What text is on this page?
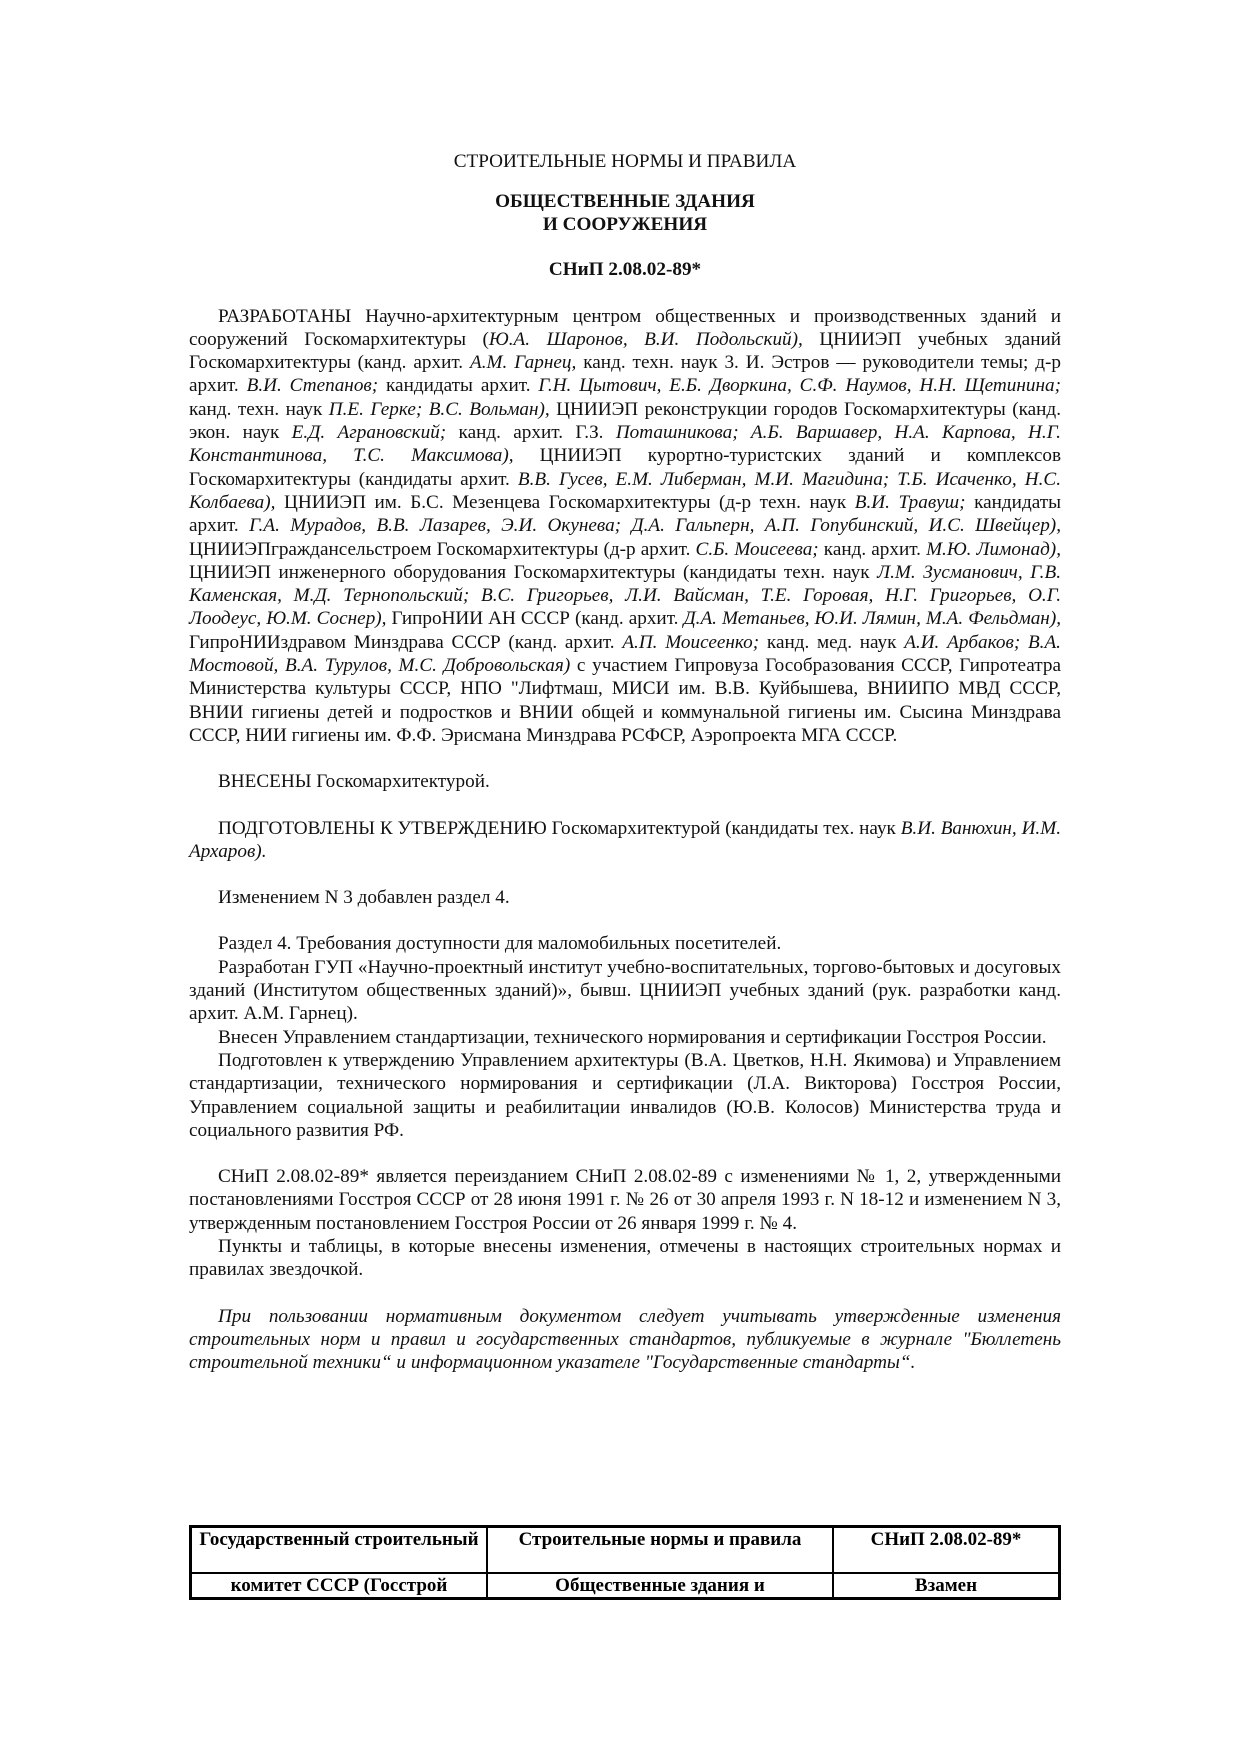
СТРОИТЕЛЬНЫЕ НОРМЫ И ПРАВИЛА
ОБЩЕСТВЕННЫЕ ЗДАНИЯ
И СООРУЖЕНИЯ
СНиП 2.08.02-89*

РАЗРАБОТАНЫ Научно-архитектурным центром общественных и производственных зданий и сооружений Госкомархитектуры (Ю.А. Шаронов, В.И. Подольский), ЦНИИЭП учебных зданий Госкомархитектуры (канд. архит. А.М. Гарнец, канд. техн. наук 3. И. Эстров — руководители темы; д-р архит. В.И. Степанов; кандидаты архит. Г.Н. Цытович, Е.Б. Дворкина, С.Ф. Наумов, Н.Н. Щетинина; канд. техн. наук П.Е. Герке; В.С. Вольман), ЦНИИЭП реконструкции городов Госкомархитектуры (канд. экон. наук Е.Д. Аграновский; канд. архит. Г.З. Поташникова; А.Б. Варшавер, Н.А. Карпова, Н.Г. Константинова, Т.С. Максимова), ЦНИИЭП курортно-туристских зданий и комплексов Госкомархитектуры (кандидаты архит. В.В. Гусев, Е.М. Либерман, М.И. Магидина; Т.Б. Исаченко, Н.С. Колбаева), ЦНИИЭП им. Б.С. Мезенцева Госкомархитектуры (д-р техн. наук В.И. Травуш; кандидаты архит. Г.А. Мурадов, В.В. Лазарев, Э.И. Окунева; Д.А. Гальперн, А.П. Гопубинский, И.С. Швейцер), ЦНИИЭПграждансельстроем Госкомархитектуры (д-р архит. С.Б. Моисеева; канд. архит. М.Ю. Лимонад), ЦНИИЭП инженерного оборудования Госкомархитектуры (кандидаты техн. наук Л.М. Зусманович, Г.В. Каменская, М.Д. Тернопольский; В.С. Григорьев, Л.И. Вайсман, Т.Е. Горовая, Н.Г. Григорьев, О.Г. Лоодеус, Ю.М. Соснер), ГипроНИИ АН СССР (канд. архит. Д.А. Метаньев, Ю.И. Лямин, М.А. Фельдман), ГипроНИИздравом Минздрава СССР (канд. архит. А.П. Моисеенко; канд. мед. наук А.И. Арбаков; В.А. Мостовой, В.А. Турулов, М.С. Добровольская) с участием Гипровуза Гособразования СССР, Гипротеатра Министерства культуры СССР, НПО "Лифтмаш, МИСИ им. В.В. Куйбышева, ВНИИПО МВД СССР, ВНИИ гигиены детей и подростков и ВНИИ общей и коммунальной гигиены им. Сысина Минздрава СССР, НИИ гигиены им. Ф.Ф. Эрисмана Минздрава РСФСР, Аэропроекта МГА СССР.

ВНЕСЕНЫ Госкомархитектурой.

ПОДГОТОВЛЕНЫ К УТВЕРЖДЕНИЮ Госкомархитектурой (кандидаты тех. наук В.И. Ванюхин, И.М. Архаров).

Изменением N 3 добавлен раздел 4.

Раздел 4. Требования доступности для маломобильных посетителей.

Разработан ГУП «Научно-проектный институт учебно-воспитательных, торгово-бытовых и досуговых зданий (Институтом общественных зданий)», бывш. ЦНИИЭП учебных зданий (рук. разработки канд. архит. А.М. Гарнец).

Внесен Управлением стандартизации, технического нормирования и сертификации Госстроя России.

Подготовлен к утверждению Управлением архитектуры (В.А. Цветков, Н.Н. Якимова) и Управлением стандартизации, технического нормирования и сертификации (Л.А. Викторова) Госстроя России, Управлением социальной защиты и реабилитации инвалидов (Ю.В. Колосов) Министерства труда и социального развития РФ.

СНиП 2.08.02-89* является переизданием СНиП 2.08.02-89 с изменениями № 1, 2, утвержденными постановлениями Госстроя СССР от 28 июня 1991 г. № 26 от 30 апреля 1993 г. N 18-12 и изменением N 3, утвержденным постановлением Госстроя России от 26 января 1999 г. № 4.

Пункты и таблицы, в которые внесены изменения, отмечены в настоящих строительных нормах и правилах звездочкой.

При пользовании нормативным документом следует учитывать утвержденные изменения строительных норм и правил и государственных стандартов, публикуемые в журнале "Бюллетень строительной техники“ и информационном указателе "Государственные стандарты“.

Государственный строительный	Строительные нормы и правила	СНиП 2.08.02-89*
комитет СССР (Госстрой	Общественные здания и	Взамен
